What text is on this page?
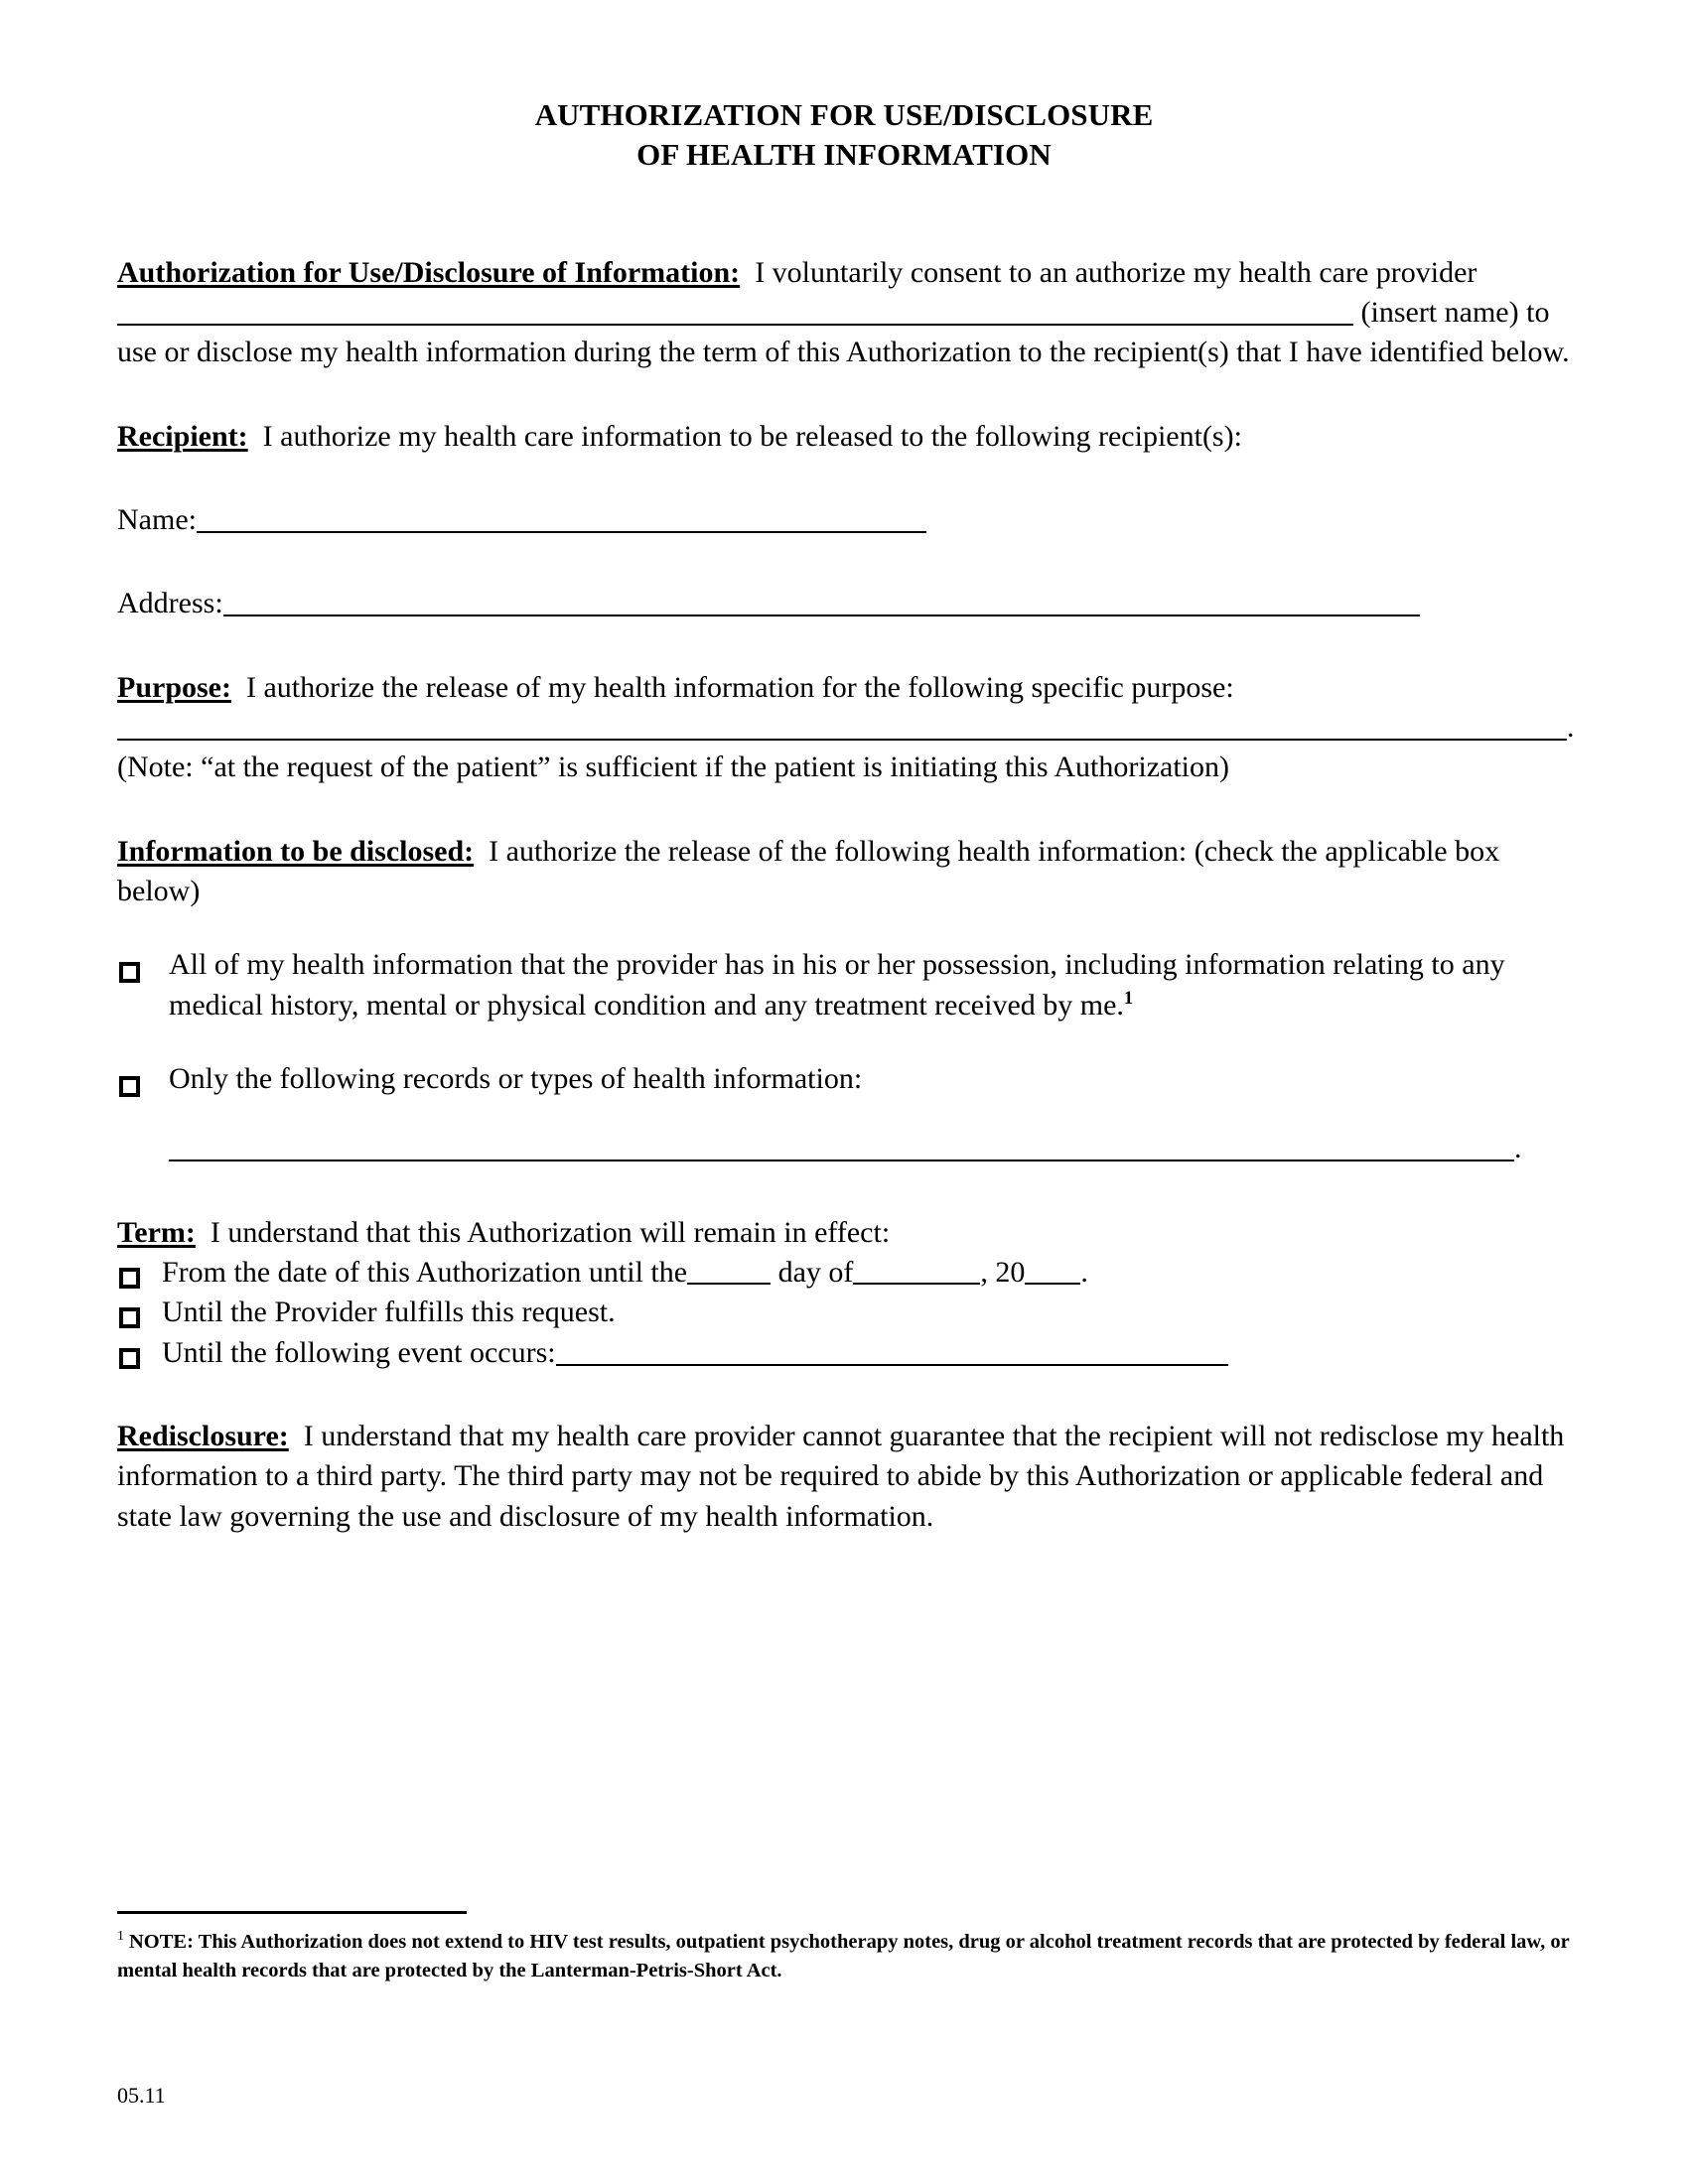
AUTHORIZATION FOR USE/DISCLOSURE
OF HEALTH INFORMATION
Authorization for Use/Disclosure of Information: I voluntarily consent to an authorize my health care provider  (insert name) to use or disclose my health information during the term of this Authorization to the recipient(s) that I have identified below.
Recipient: I authorize my health care information to be released to the following recipient(s):
Name:
Address:
Purpose: I authorize the release of my health information for the following specific purpose:
.
(Note: “at the request of the patient” is sufficient if the patient is initiating this Authorization)
Information to be disclosed: I authorize the release of the following health information: (check the applicable box below)
All of my health information that the provider has in his or her possession, including information relating to any medical history, mental or physical condition and any treatment received by me.$^1$
Only the following records or types of health information:
.
Term: I understand that this Authorization will remain in effect:
From the date of this Authorization until the	day of	, 20 .
Until the Provider fulfills this request.
Until the following event occurs:
Redisclosure: I understand that my health care provider cannot guarantee that the recipient will not redisclose my health information to a third party. The third party may not be required to abide by this Authorization or applicable federal and state law governing the use and disclosure of my health information.
$^1$ NOTE: This Authorization does not extend to HIV test results, outpatient psychotherapy notes, drug or alcohol treatment records that are protected by federal law, or mental health records that are protected by the Lanterman-Petris-Short Act.
05.11
